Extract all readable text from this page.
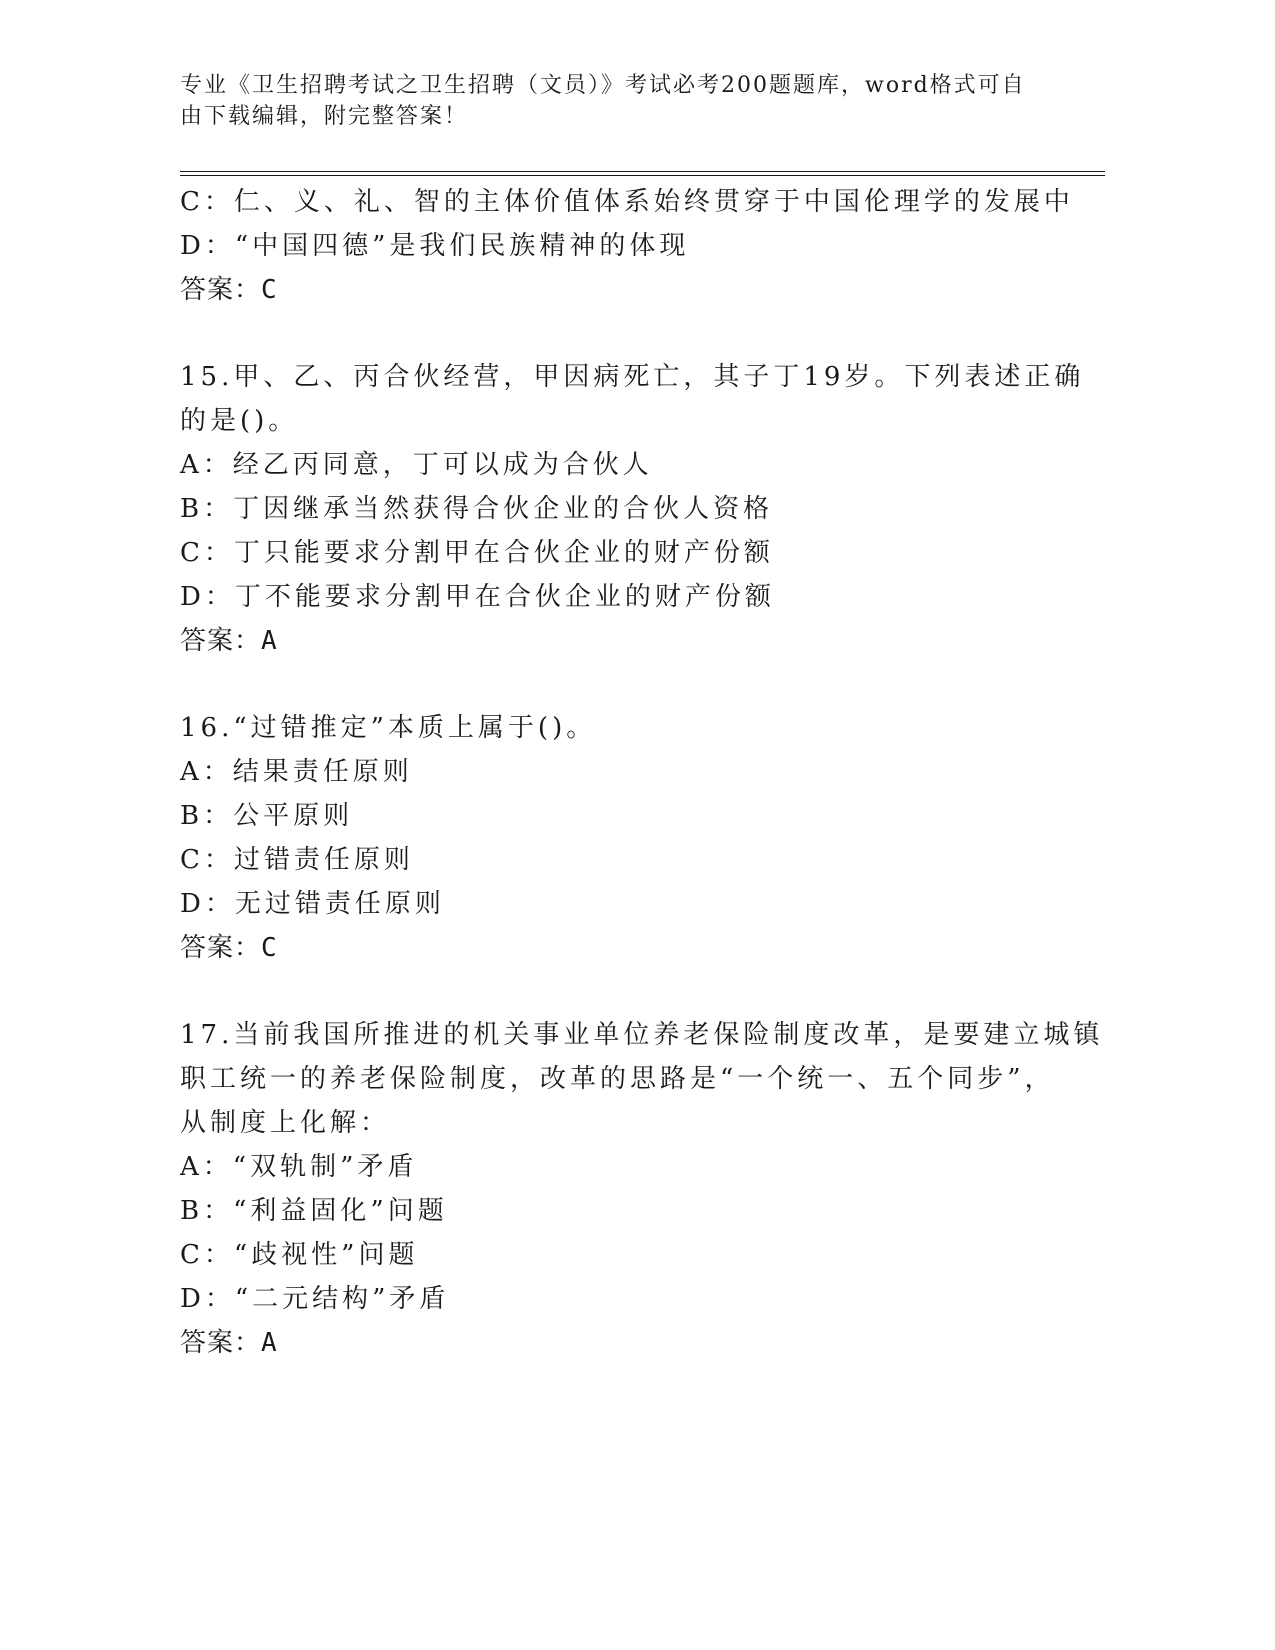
专业《卫生招聘考试之卫生招聘（文员）》考试必考200题题库，word格式可自由下载编辑，附完整答案！
C：仁、义、礼、智的主体价值体系始终贯穿于中国伦理学的发展中
D：“中国四德”是我们民族精神的体现
答案：C
15.甲、乙、丙合伙经营，甲因病死亡，其子丁19岁。下列表述正确
的是()。
A：经乙丙同意，丁可以成为合伙人
B：丁因继承当然获得合伙企业的合伙人资格
C：丁只能要求分割甲在合伙企业的财产份额
D：丁不能要求分割甲在合伙企业的财产份额
答案：A
16.“过错推定”本质上属于()。
A：结果责任原则
B：公平原则
C：过错责任原则
D：无过错责任原则
答案：C
17.当前我国所推进的机关事业单位养老保险制度改革，是要建立城镇
职工统一的养老保险制度，改革的思路是“一个统一、五个同步”，
从制度上化解：
A：“双轨制”矛盾
B：“利益固化”问题
C：“歧视性”问题
D：“二元结构”矛盾
答案：A
